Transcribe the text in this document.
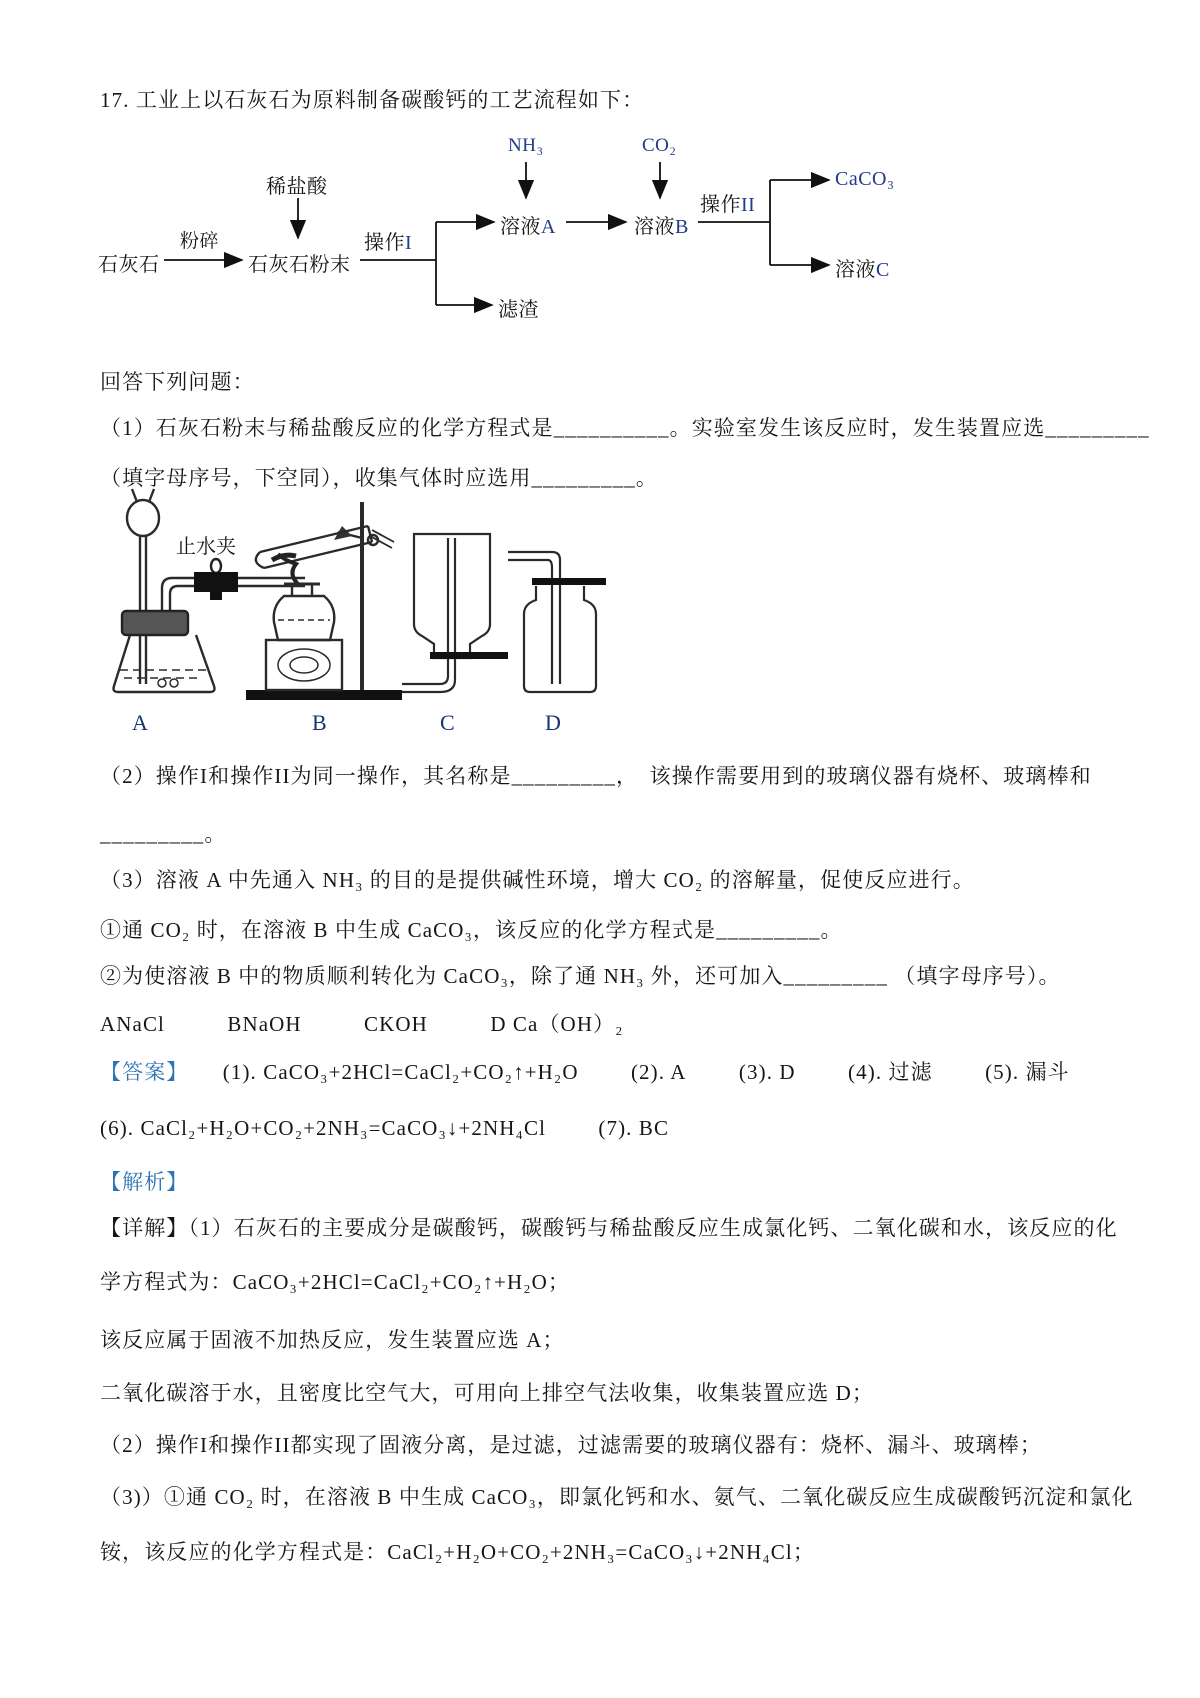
17. 工业上以石灰石为原料制备碳酸钙的工艺流程如下：
石灰石
粉碎
石灰石粉末
稀盐酸
操作I
NH₃
溶液A
滤渣
CO₂
溶液B
操作II
CaCO₃
溶液C
回答下列问题：
（1）石灰石粉末与稀盐酸反应的化学方程式是__________。实验室发生该反应时，发生装置应选_________
（填字母序号，下空同），收集气体时应选用_________。
止水夹
A	B	C	D
（2）操作I和操作II为同一操作，其名称是_________，　该操作需要用到的玻璃仪器有烧杯、玻璃棒和
_________。
（3）溶液 A 中先通入 NH₃ 的目的是提供碱性环境，增大 CO₂ 的溶解量，促使反应进行。
①通 CO₂ 时，在溶液 B 中生成 CaCO₃，该反应的化学方程式是_________。
②为使溶液 B 中的物质顺利转化为 CaCO₃，除了通 NH₃ 外，还可加入_________ （填字母序号）。
ANaCl	BNaOH	CKOH	D Ca（OH）₂
【答案】 (1). CaCO₃+2HCl=CaCl₂+CO₂↑+H₂O (2). A (3). D (4). 过滤 (5). 漏斗
(6). CaCl₂+H₂O+CO₂+2NH₃=CaCO₃↓+2NH₄Cl (7). BC
【解析】
【详解】（1）石灰石的主要成分是碳酸钙，碳酸钙与稀盐酸反应生成氯化钙、二氧化碳和水，该反应的化
学方程式为：CaCO₃+2HCl=CaCl₂+CO₂↑+H₂O；
该反应属于固液不加热反应，发生装置应选 A；
二氧化碳溶于水，且密度比空气大，可用向上排空气法收集，收集装置应选 D；
（2）操作I和操作II都实现了固液分离，是过滤，过滤需要的玻璃仪器有：烧杯、漏斗、玻璃棒；
（3)）①通 CO₂ 时，在溶液 B 中生成 CaCO₃，即氯化钙和水、氨气、二氧化碳反应生成碳酸钙沉淀和氯化
铵，该反应的化学方程式是：CaCl₂+H₂O+CO₂+2NH₃=CaCO₃↓+2NH₄Cl；
